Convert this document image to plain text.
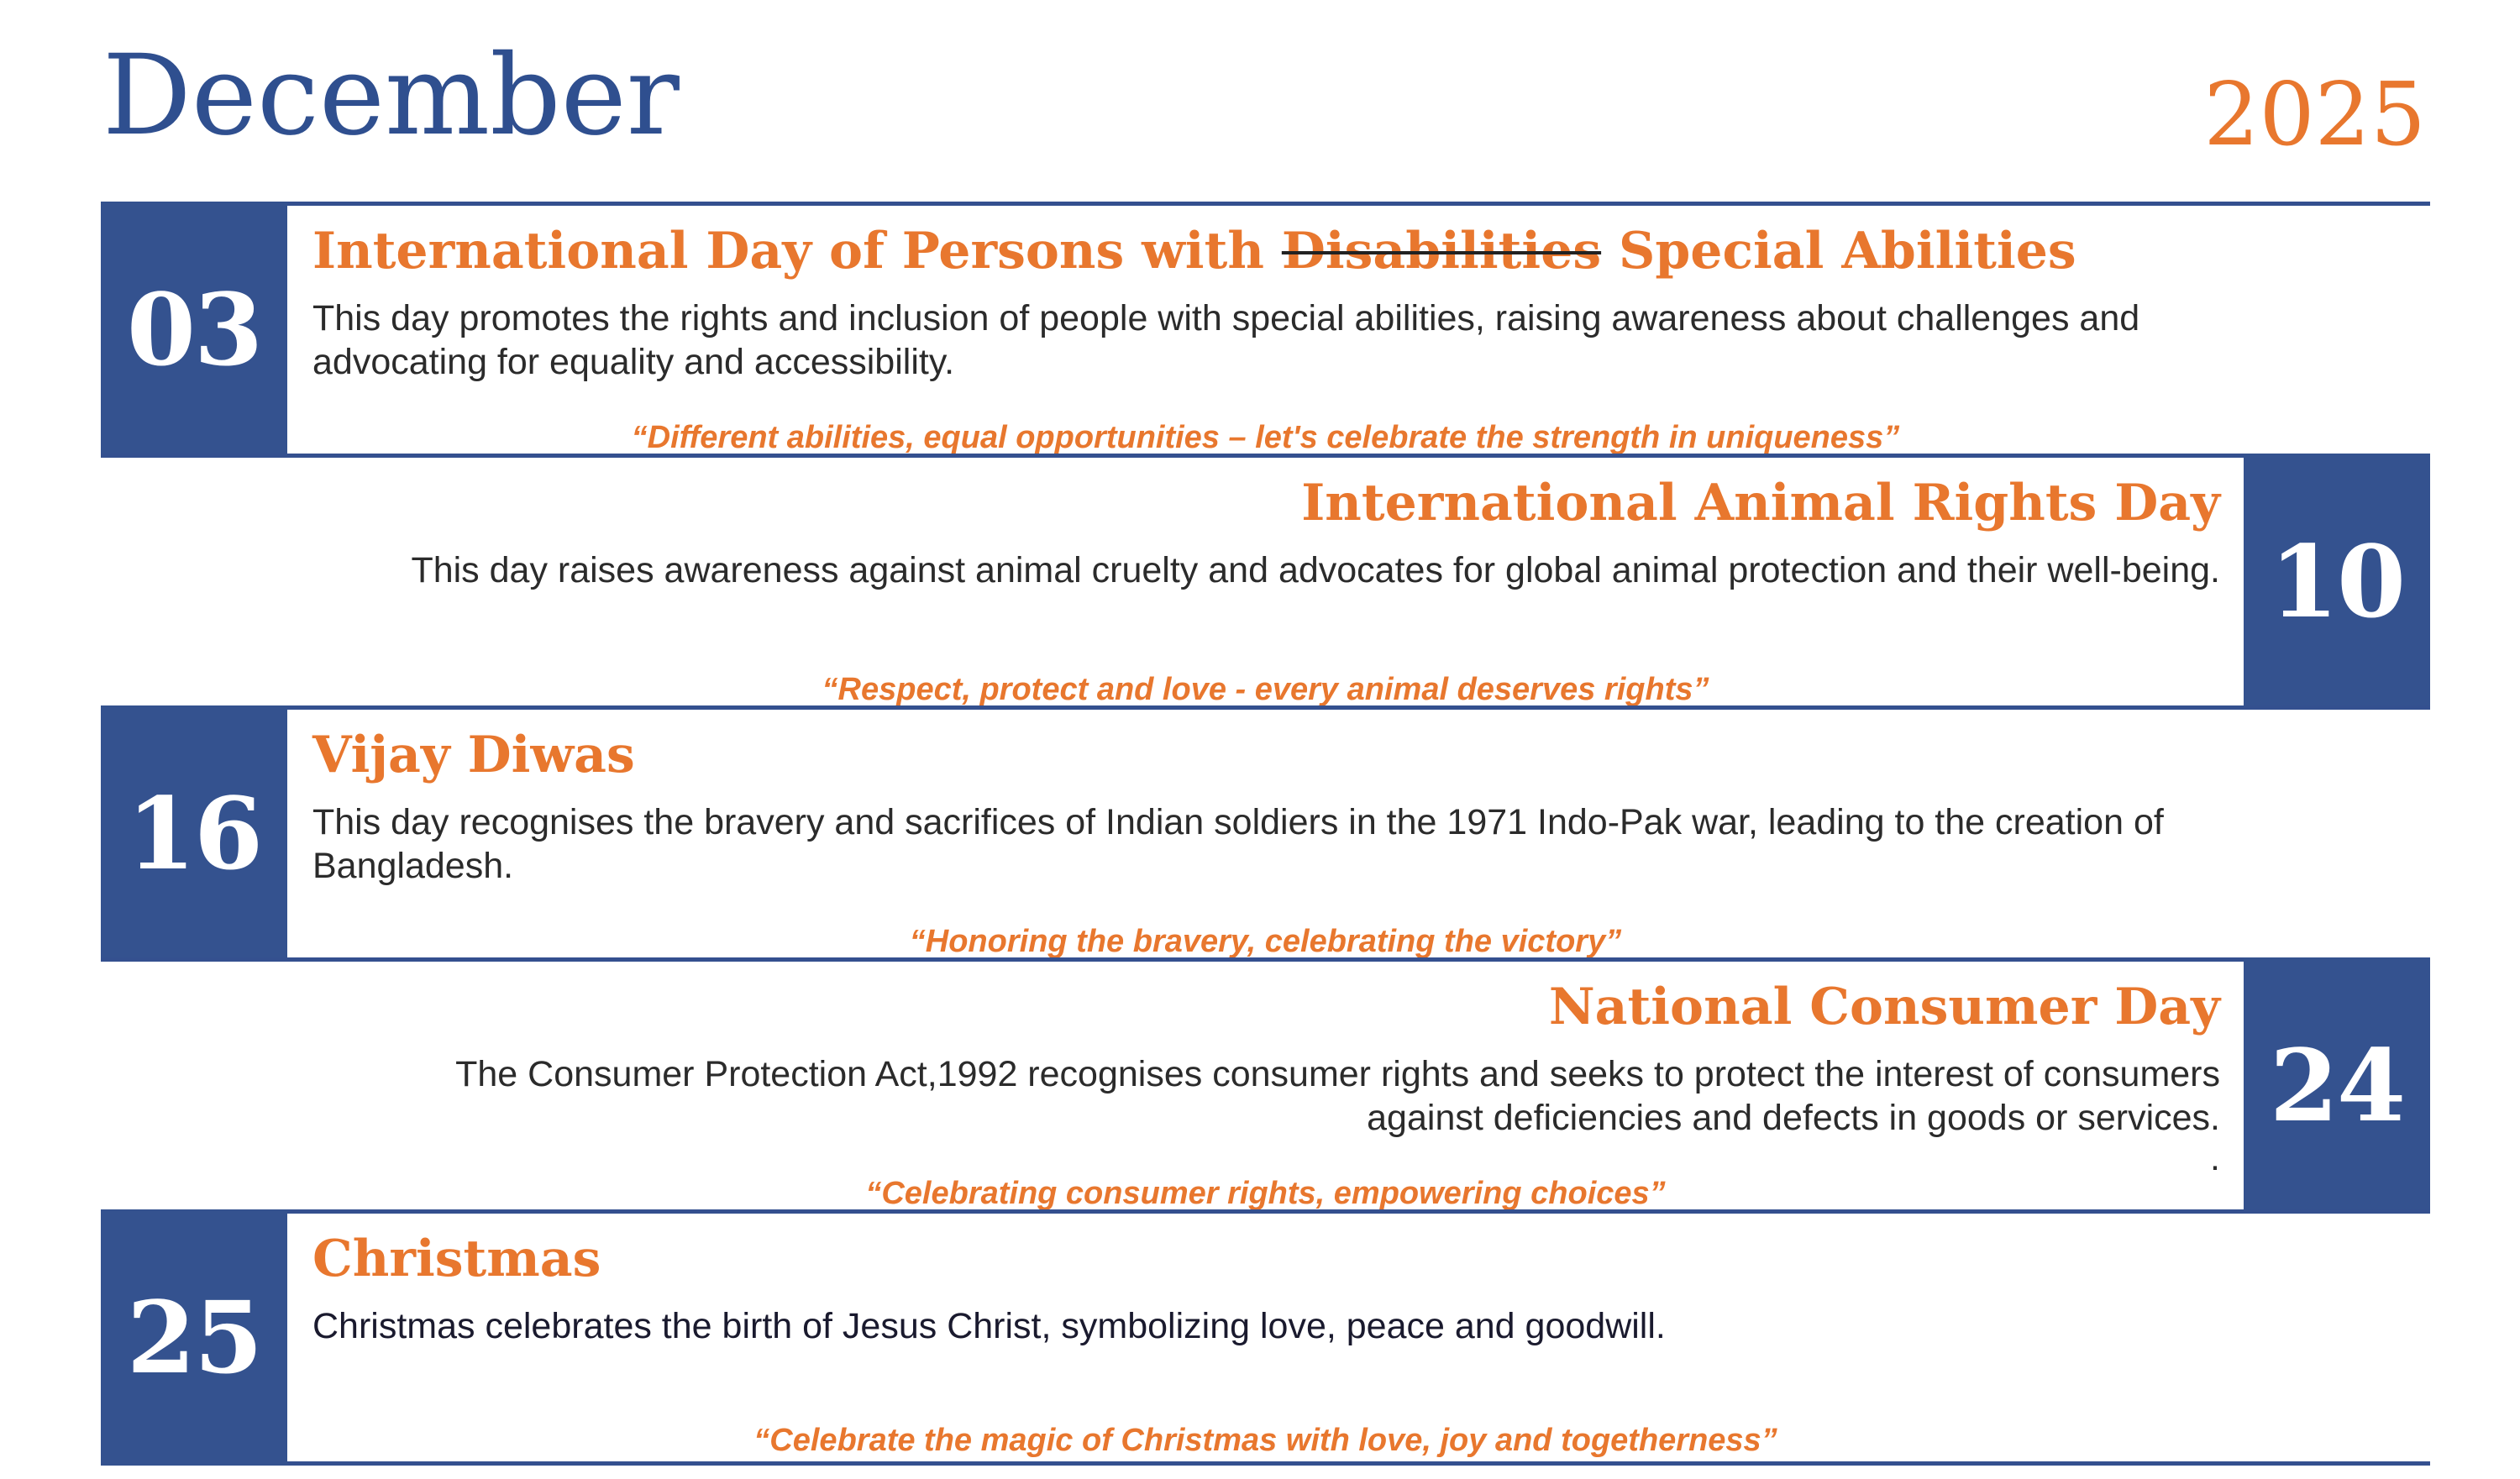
December	2025
03
International Day of Persons with Disabilities Special Abilities
This day promotes the rights and inclusion of people with special abilities, raising awareness about challenges and advocating for equality and accessibility.
“Different abilities, equal opportunities – let's celebrate the strength in uniqueness”
10
International Animal Rights Day
This day raises awareness against animal cruelty and advocates for global animal protection and their well-being.
“Respect, protect and love - every animal deserves rights”
16
Vijay Diwas
This day recognises the bravery and sacrifices of Indian soldiers in the 1971 Indo-Pak war, leading to the creation of Bangladesh.
“Honoring the bravery, celebrating the victory”
24
National Consumer Day
The Consumer Protection Act,1992 recognises consumer rights and seeks to protect the interest of consumers against deficiencies and defects in goods or services.
.
“Celebrating consumer rights, empowering choices”
25
Christmas
Christmas celebrates the birth of Jesus Christ, symbolizing love, peace and goodwill.
“Celebrate the magic of Christmas with love, joy and togetherness”
